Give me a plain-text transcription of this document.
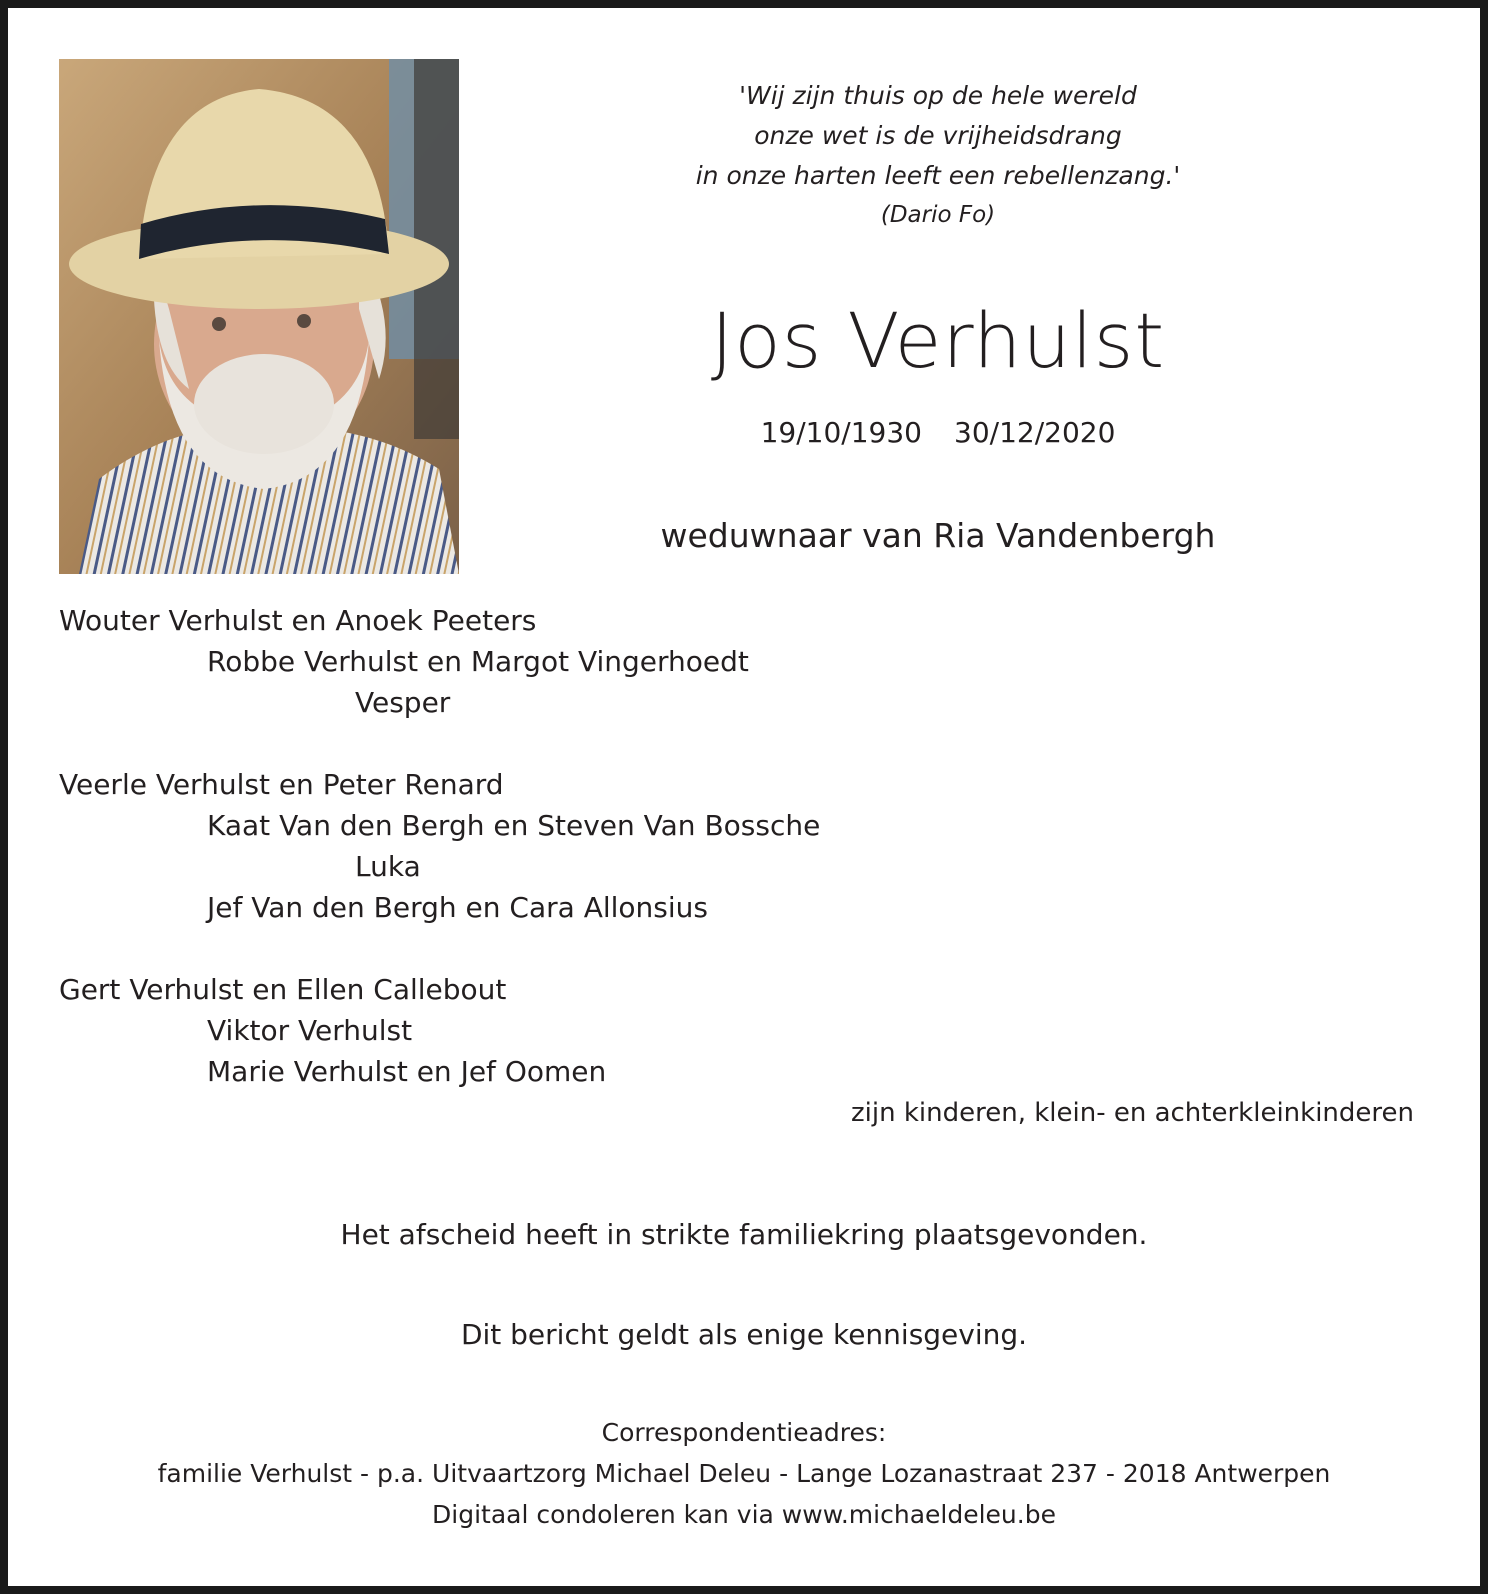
'Wij zijn thuis op de hele wereld
onze wet is de vrijheidsdrang
in onze harten leeft een rebellenzang.'
(Dario Fo)
Jos Verhulst
19/10/1930 30/12/2020
weduwnaar van Ria Vandenbergh
Wouter Verhulst en Anoek Peeters
Robbe Verhulst en Margot Vingerhoedt
Vesper
Veerle Verhulst en Peter Renard
Kaat Van den Bergh en Steven Van Bossche
Luka
Jef Van den Bergh en Cara Allonsius
Gert Verhulst en Ellen Callebout
Viktor Verhulst
Marie Verhulst en Jef Oomen
zijn kinderen, klein- en achterkleinkinderen
Het afscheid heeft in strikte familiekring plaatsgevonden.
Dit bericht geldt als enige kennisgeving.
Correspondentieadres:
familie Verhulst - p.a. Uitvaartzorg Michael Deleu - Lange Lozanastraat 237 - 2018 Antwerpen
Digitaal condoleren kan via www.michaeldeleu.be
